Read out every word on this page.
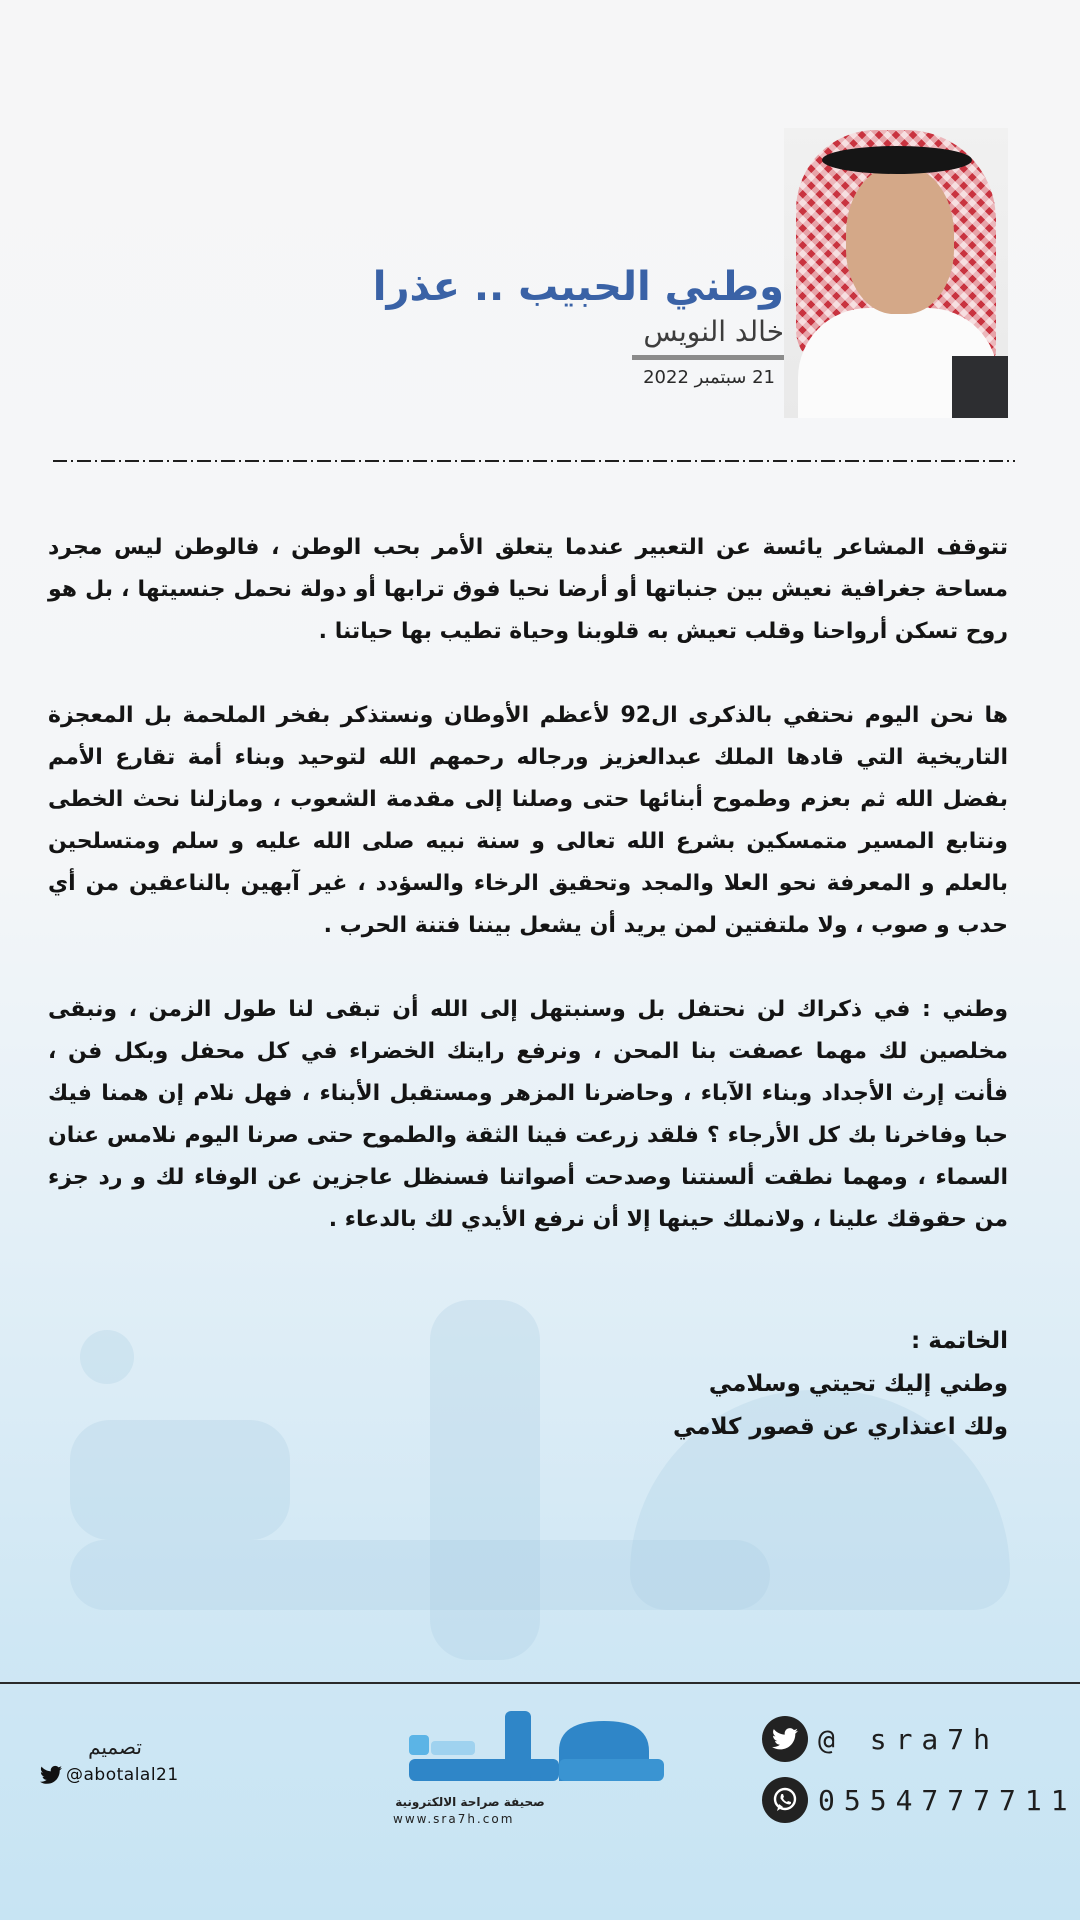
وطني الحبيب .. عذرا
خالد النويس
21 سبتمبر 2022

تتوقف المشاعر يائسة عن التعبير عندما يتعلق الأمر بحب الوطن ، فالوطن ليس مجرد مساحة جغرافية نعيش بين جنباتها أو أرضا نحيا فوق ترابها أو دولة نحمل جنسيتها ، بل هو روح تسكن أرواحنا وقلب تعيش به قلوبنا وحياة تطيب بها حياتنا .

ها نحن اليوم نحتفي بالذكرى ال92 لأعظم الأوطان ونستذكر بفخر الملحمة بل المعجزة التاريخية التي قادها الملك عبدالعزيز ورجاله رحمهم الله لتوحيد وبناء أمة تقارع الأمم بفضل الله ثم بعزم وطموح أبنائها حتى وصلنا إلى مقدمة الشعوب ، ومازلنا نحث الخطى ونتابع المسير متمسكين بشرع الله تعالى و سنة نبيه صلى الله عليه و سلم ومتسلحين بالعلم و المعرفة نحو العلا والمجد وتحقيق الرخاء والسؤدد ، غير آبهين بالناعقين من أي حدب و صوب ، ولا ملتفتين لمن يريد أن يشعل بيننا فتنة الحرب .

وطني : في ذكراك لن نحتفل بل وسنبتهل إلى الله أن تبقى لنا طول الزمن ، ونبقى مخلصين لك مهما عصفت بنا المحن ، ونرفع رايتك الخضراء في كل محفل وبكل فن ، فأنت إرث الأجداد وبناء الآباء ، وحاضرنا المزهر ومستقبل الأبناء ، فهل نلام إن همنا فيك حبا وفاخرنا بك كل الأرجاء ؟ فلقد زرعت فينا الثقة والطموح حتى صرنا اليوم نلامس عنان السماء ، ومهما نطقت ألسنتنا وصدحت أصواتنا فسنظل عاجزين عن الوفاء لك و رد جزء من حقوقك علينا ، ولانملك حينها إلا أن نرفع الأيدي لك بالدعاء .

الخاتمة :
وطني إليك تحيتي وسلامي
ولك اعتذاري عن قصور كلامي
تصميم
@abotalal21
صحيفة صراحة الالكترونية
www.sra7h.com
@ sra7h
0554777711
